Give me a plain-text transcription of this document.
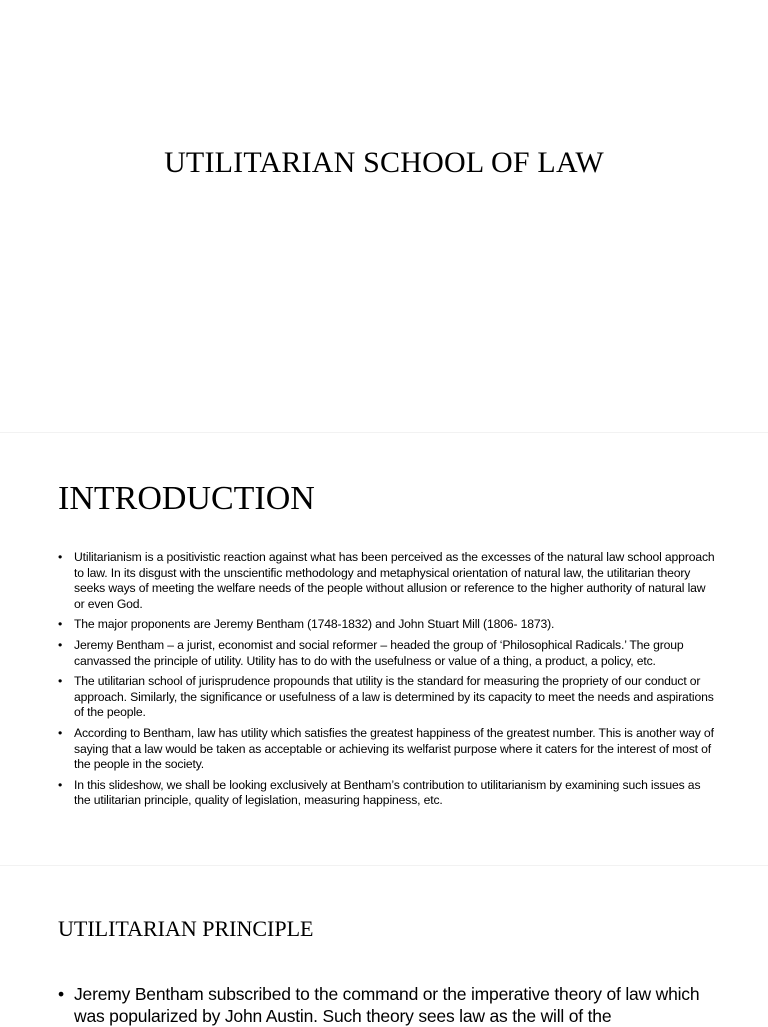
UTILITARIAN SCHOOL OF LAW
INTRODUCTION
• Utilitarianism is a positivistic reaction against what has been perceived as the excesses of the natural law school approach to law. In its disgust with the unscientific methodology and metaphysical orientation of natural law, the utilitarian theory seeks ways of meeting the welfare needs of the people without allusion or reference to the higher authority of natural law or even God.
• The major proponents are Jeremy Bentham (1748-1832) and John Stuart Mill (1806- 1873).
• Jeremy Bentham – a jurist, economist and social reformer – headed the group of ‘Philosophical Radicals.’ The group canvassed the principle of utility. Utility has to do with the usefulness or value of a thing, a product, a policy, etc.
• The utilitarian school of jurisprudence propounds that utility is the standard for measuring the propriety of our conduct or approach. Similarly, the significance or usefulness of a law is determined by its capacity to meet the needs and aspirations of the people.
• According to Bentham, law has utility which satisfies the greatest happiness of the greatest number. This is another way of saying that a law would be taken as acceptable or achieving its welfarist purpose where it caters for the interest of most of the people in the society.
• In this slideshow, we shall be looking exclusively at Bentham’s contribution to utilitarianism by examining such issues as the utilitarian principle, quality of legislation, measuring happiness, etc.
UTILITARIAN PRINCIPLE
• Jeremy Bentham subscribed to the command or the imperative theory of law which was popularized by John Austin. Such theory sees law as the will of the
